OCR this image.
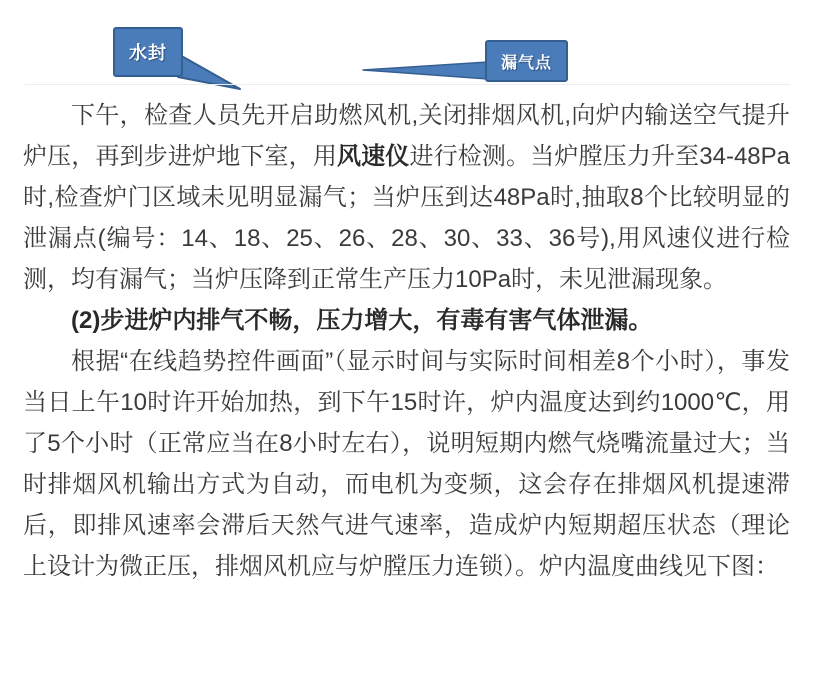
水封	漏气点

下午，检查人员先开启助燃风机,关闭排烟风机,向炉内输送空气提升炉压，再到步进炉地下室，用风速仪进行检测。当炉膛压力升至34-48Pa时,检查炉门区域未见明显漏气；当炉压到达48Pa时,抽取8个比较明显的泄漏点(编号：14、18、25、26、28、30、33、36号),用风速仪进行检测，均有漏气；当炉压降到正常生产压力10Pa时，未见泄漏现象。

(2)步进炉内排气不畅，压力增大，有毒有害气体泄漏。

根据“在线趋势控件画面”（显示时间与实际时间相差8个小时），事发当日上午10时许开始加热，到下午15时许，炉内温度达到约1000℃，用了5个小时（正常应当在8小时左右），说明短期内燃气烧嘴流量过大；当时排烟风机输出方式为自动，而电机为变频，这会存在排烟风机提速滞后，即排风速率会滞后天然气进气速率，造成炉内短期超压状态（理论上设计为微正压，排烟风机应与炉膛压力连锁）。炉内温度曲线见下图：
